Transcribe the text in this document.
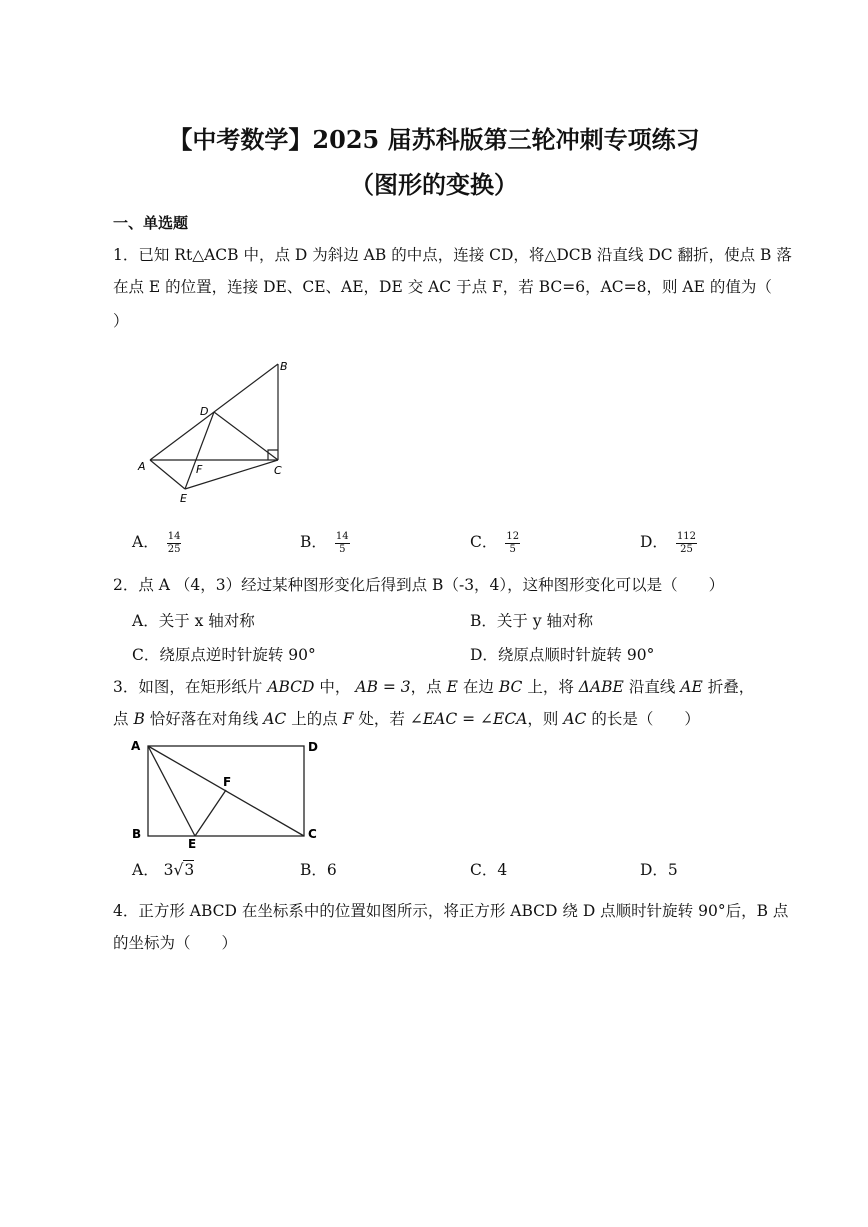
【中考数学】2025 届苏科版第三轮冲刺专项练习
（图形的变换）
一、单选题
1．已知 Rt△ACB 中，点 D 为斜边 AB 的中点，连接 CD，将△DCB 沿直线 DC 翻折，使点 B 落
在点 E 的位置，连接 DE、CE、AE，DE 交 AC 于点 F，若 BC=6，AC=8，则 AE 的值为（
）
A
B
C
D
E
F
A． $\frac{14}{25}$	B． $\frac{14}{5}$	C． $\frac{12}{5}$	D． $\frac{112}{25}$
2．点 A （4，3）经过某种图形变化后得到点 B（-3，4），这种图形变化可以是（　　）
A．关于 x 轴对称	B．关于 y 轴对称
C．绕原点逆时针旋转 90°	D．绕原点顺时针旋转 90°
3．如图，在矩形纸片 ABCD 中， AB = 3，点 E 在边 BC 上，将 ΔABE 沿直线 AE 折叠，
点 B 恰好落在对角线 AC 上的点 F 处，若 ∠EAC = ∠ECA，则 AC 的长是（　　）
A	D
B	C
F
E
A． 3√3	B．6	C．4	D．5
4．正方形 ABCD 在坐标系中的位置如图所示，将正方形 ABCD 绕 D 点顺时针旋转 90°后，B 点
的坐标为（　　）
